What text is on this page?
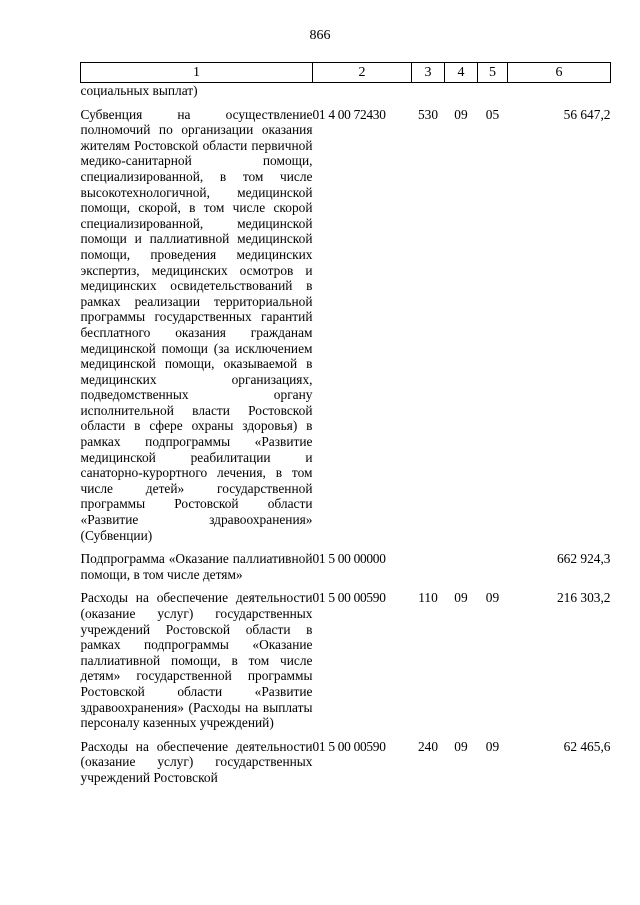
866
1	2	3	4	5	6
социальных выплат)					
Субвенция на осуществление полномочий по организации оказания жителям Ростовской области первичной медико-санитарной помощи, специализированной, в том числе высокотехнологичной, медицинской помощи, скорой, в том числе скорой специализированной, медицинской помощи и паллиативной медицинской помощи, проведения медицинских экспертиз, медицинских осмотров и медицинских освидетельствований в рамках реализации территориальной программы государственных гарантий бесплатного оказания гражданам медицинской помощи (за исключением медицинской помощи, оказываемой в медицинских организациях, подведомственных органу исполнительной власти Ростовской области в сфере охраны здоровья) в рамках подпрограммы «Развитие медицинской реабилитации и санаторно-курортного лечения, в том числе детей» государственной программы Ростовской области «Развитие здравоохранения» (Субвенции)	01 4 00 72430	530	09	05	56 647,2
Подпрограмма «Оказание паллиативной помощи, в том числе детям»	01 5 00 00000				662 924,3
Расходы на обеспечение деятельности (оказание услуг) государственных учреждений Ростовской области в рамках подпрограммы «Оказание паллиативной помощи, в том числе детям» государственной программы Ростовской области «Развитие здравоохранения» (Расходы на выплаты персоналу казенных учреждений)	01 5 00 00590	110	09	09	216 303,2
Расходы на обеспечение деятельности (оказание услуг) государственных учреждений Ростовской	01 5 00 00590	240	09	09	62 465,6
